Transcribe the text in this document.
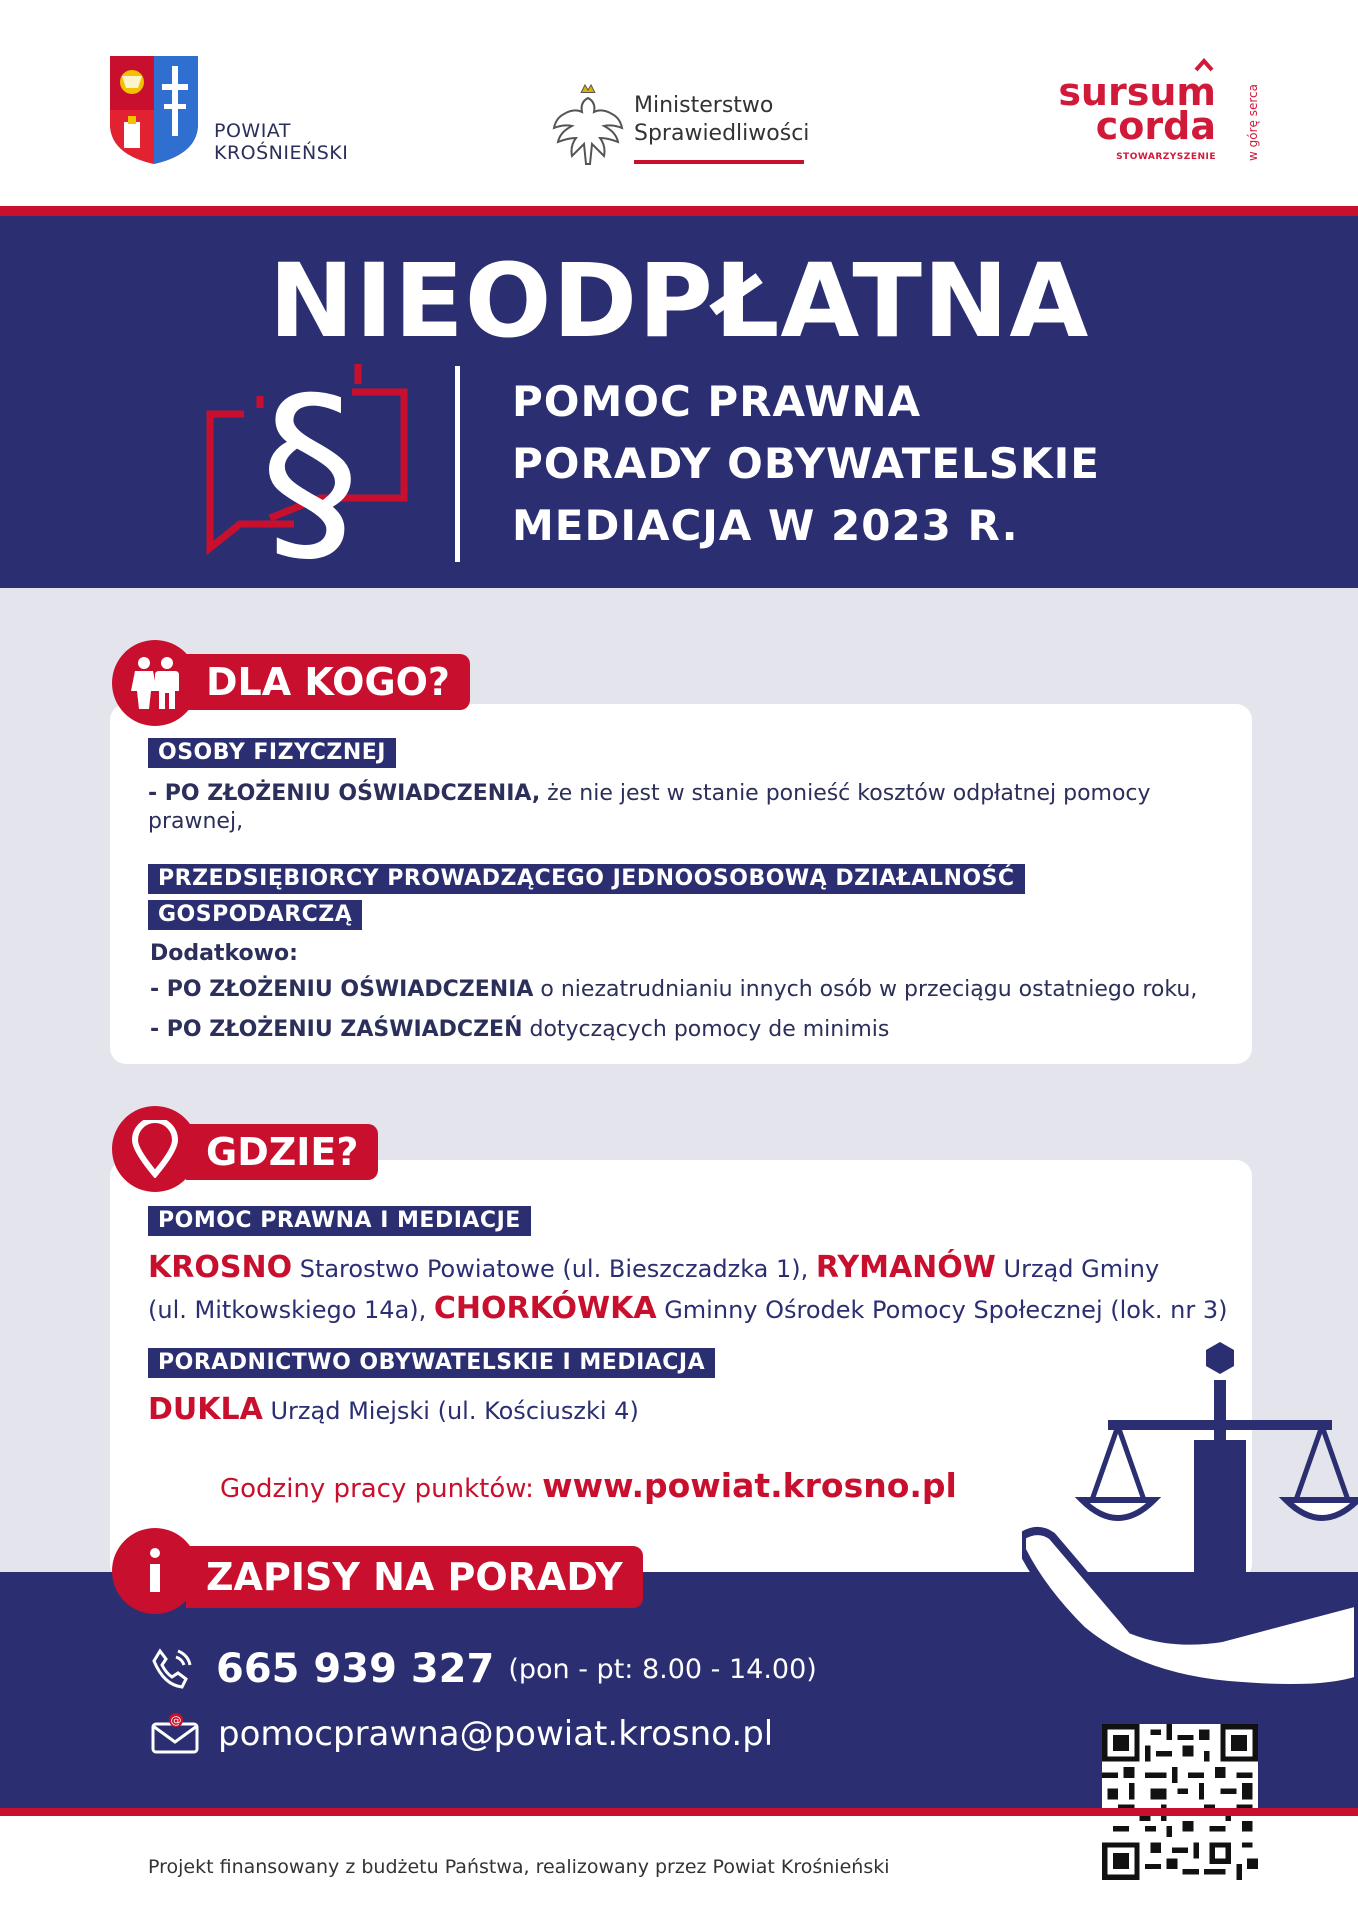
POWIAT
KROŚNIEŃSKI
Ministerstwo
Sprawiedliwości
sursum
corda
STOWARZYSZENIE	w górę serca
NIEODPŁATNA
§	POMOC PRAWNA
PORADY OBYWATELSKIE
MEDIACJA W 2023 R.
OSOBY FIZYCZNEJ
- PO ZŁOŻENIU OŚWIADCZENIA, że nie jest w stanie ponieść kosztów odpłatnej pomocy
prawnej,
PRZEDSIĘBIORCY PROWADZĄCEGO JEDNOOSOBOWĄ DZIAŁALNOŚĆ
GOSPODARCZĄ
Dodatkowo:
- PO ZŁOŻENIU OŚWIADCZENIA o niezatrudnianiu innych osób w przeciągu ostatniego roku,
- PO ZŁOŻENIU ZAŚWIADCZEŃ dotyczących pomocy de minimis
DLA KOGO?
POMOC PRAWNA I MEDIACJE
KROSNO Starostwo Powiatowe (ul. Bieszczadzka 1), RYMANÓW Urząd Gminy
(ul. Mitkowskiego 14a), CHORKÓWKA Gminny Ośrodek Pomocy Społecznej (lok. nr 3)
PORADNICTWO OBYWATELSKIE I MEDIACJA
DUKLA Urząd Miejski (ul. Kościuszki 4)
Godziny pracy punktów: www.powiat.krosno.pl
GDZIE?
ZAPISY NA PORADY
665 939 327 (pon - pt: 8.00 - 14.00)
@ pomocprawna@powiat.krosno.pl
Projekt finansowany z budżetu Państwa, realizowany przez Powiat Krośnieński
